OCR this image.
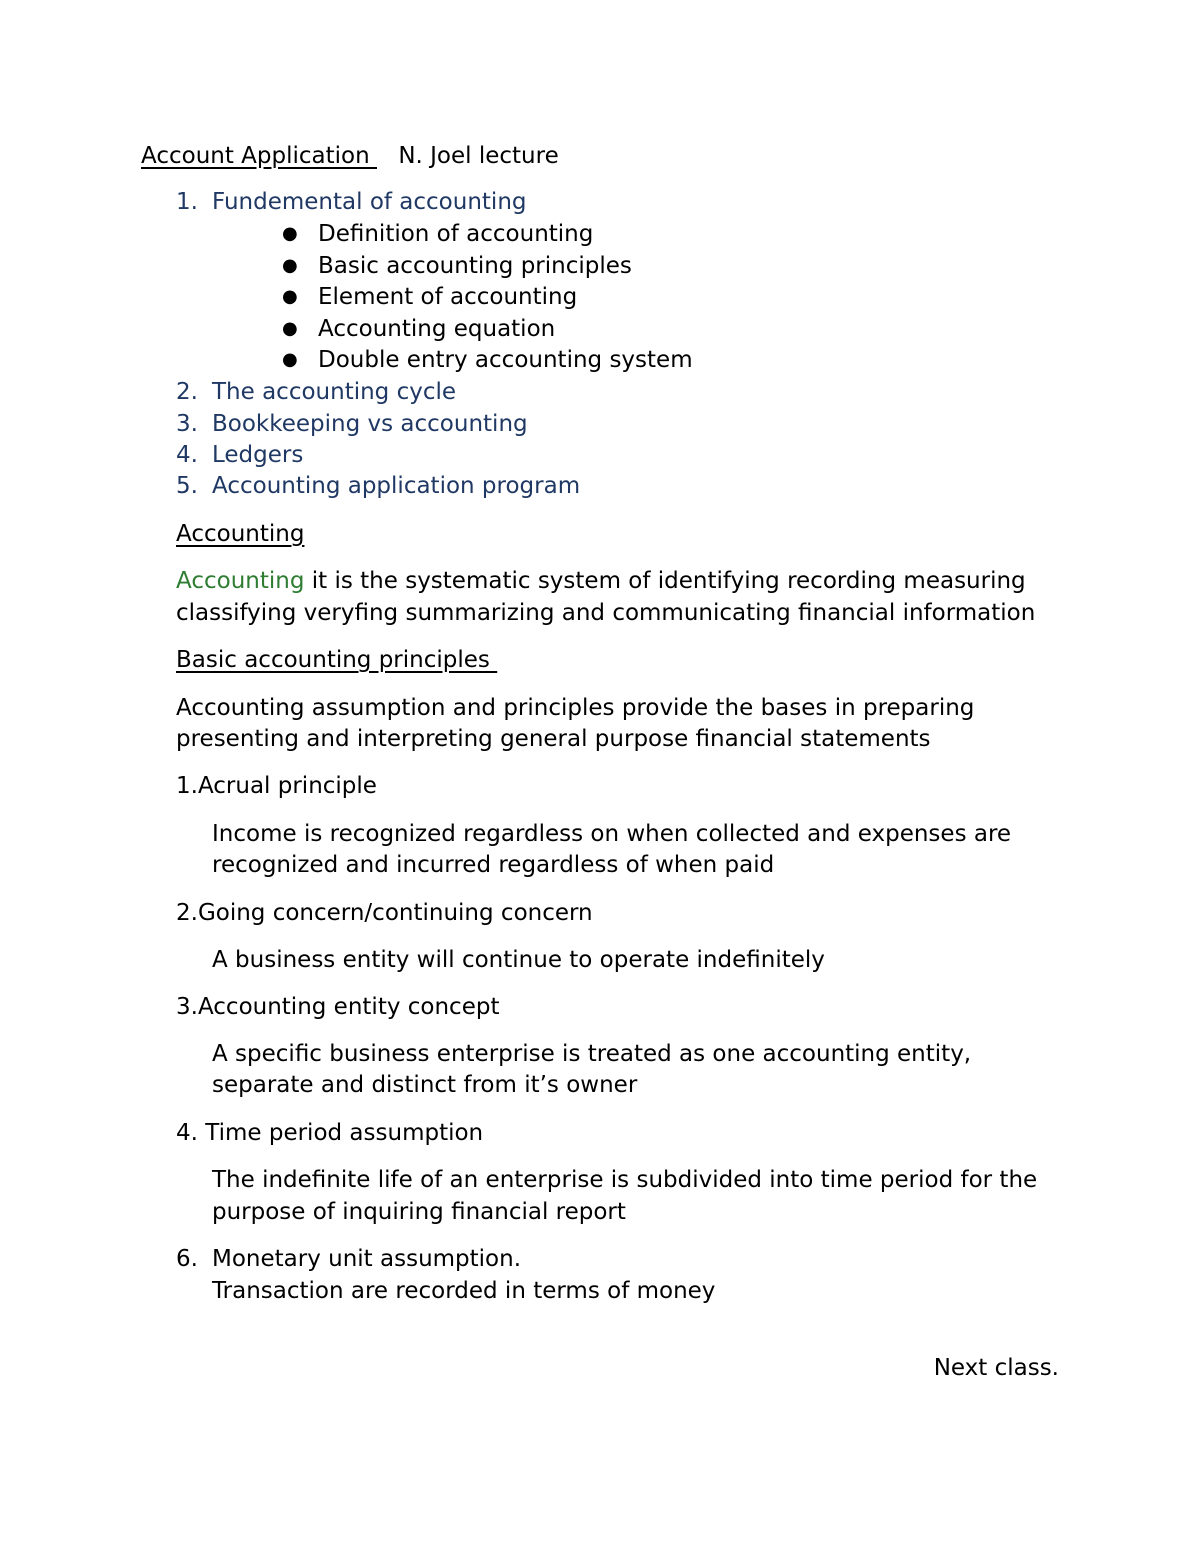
Account Application  N. Joel lecture
1. Fundemental of accounting
● Definition of accounting
● Basic accounting principles
● Element of accounting
● Accounting equation
● Double entry accounting system
2. The accounting cycle
3. Bookkeeping vs accounting
4. Ledgers
5. Accounting application program
Accounting
Accounting it is the systematic system of identifying recording measuring
classifying veryfing summarizing and communicating financial information
Basic accounting principles
Accounting assumption and principles provide the bases in preparing
presenting and interpreting general purpose financial statements
1.Acrual principle
Income is recognized regardless on when collected and expenses are
recognized and incurred regardless of when paid
2.Going concern/continuing concern
A business entity will continue to operate indefinitely
3.Accounting entity concept
A specific business enterprise is treated as one accounting entity,
separate and distinct from it’s owner
4. Time period assumption
The indefinite life of an enterprise is subdivided into time period for the
purpose of inquiring financial report
6. Monetary unit assumption.
Transaction are recorded in terms of money
Next class.
